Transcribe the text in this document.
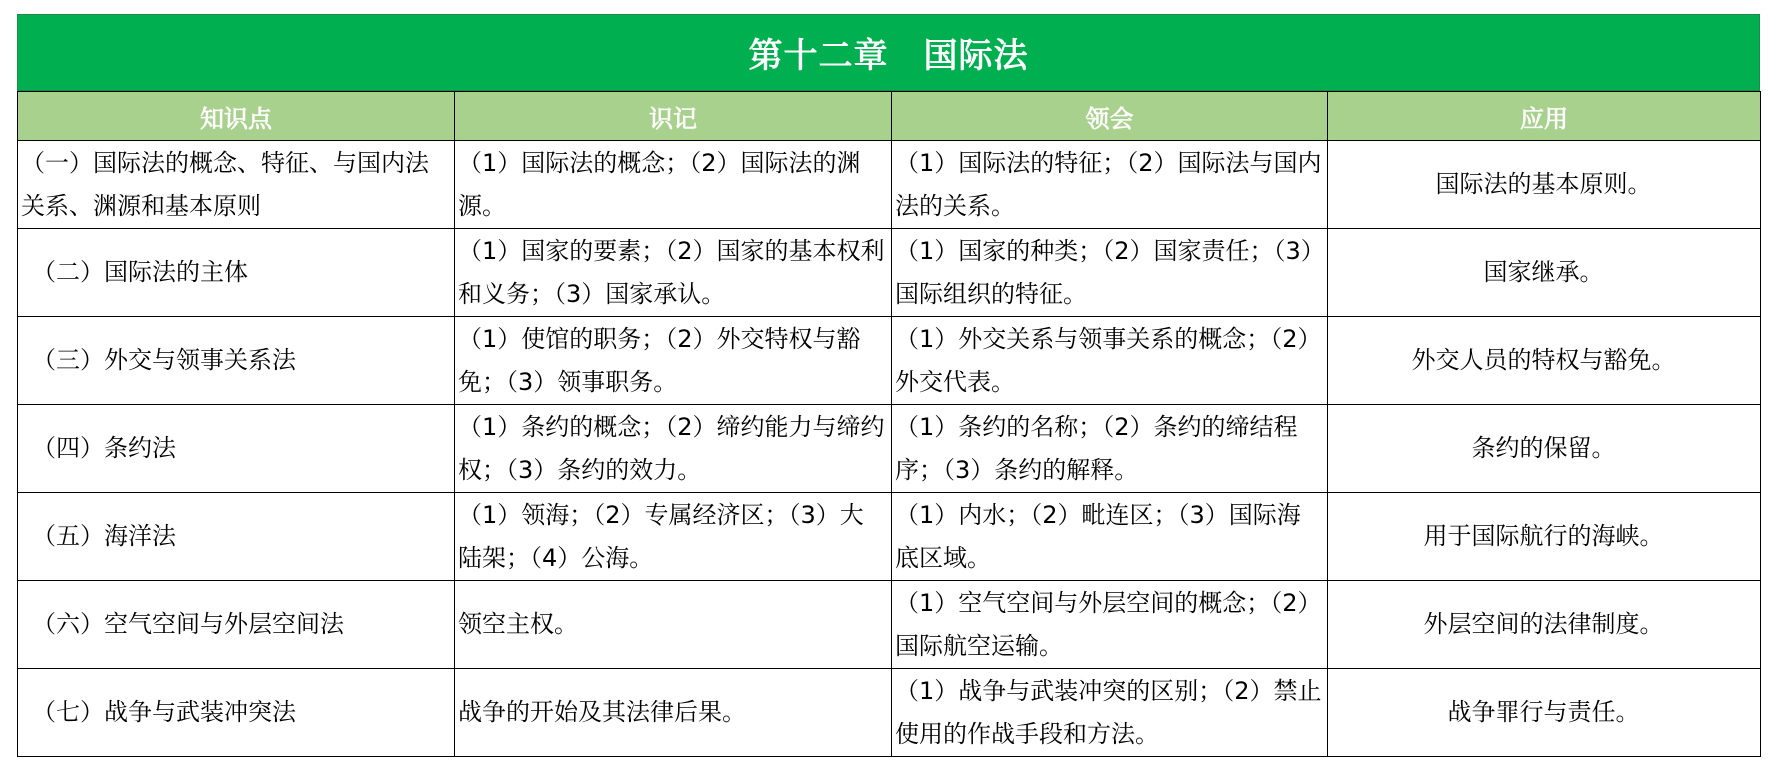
第十二章　国际法
知识点	识记	领会	应用
（一）国际法的概念、特征、与国内法关系、渊源和基本原则	（1）国际法的概念；（2）国际法的渊源。	（1）国际法的特征；（2）国际法与国内法的关系。	国际法的基本原则。
（二）国际法的主体	（1）国家的要素；（2）国家的基本权利和义务；（3）国家承认。	（1）国家的种类；（2）国家责任；（3）国际组织的特征。	国家继承。
（三）外交与领事关系法	（1）使馆的职务；（2）外交特权与豁免；（3）领事职务。	（1）外交关系与领事关系的概念；（2）外交代表。	外交人员的特权与豁免。
（四）条约法	（1）条约的概念；（2）缔约能力与缔约权；（3）条约的效力。	（1）条约的名称；（2）条约的缔结程序；（3）条约的解释。	条约的保留。
（五）海洋法	（1）领海；（2）专属经济区；（3）大陆架；（4）公海。	（1）内水；（2）毗连区；（3）国际海底区域。	用于国际航行的海峡。
（六）空气空间与外层空间法	领空主权。	（1）空气空间与外层空间的概念；（2）国际航空运输。	外层空间的法律制度。
（七）战争与武装冲突法	战争的开始及其法律后果。	（1）战争与武装冲突的区别；（2）禁止使用的作战手段和方法。	战争罪行与责任。
